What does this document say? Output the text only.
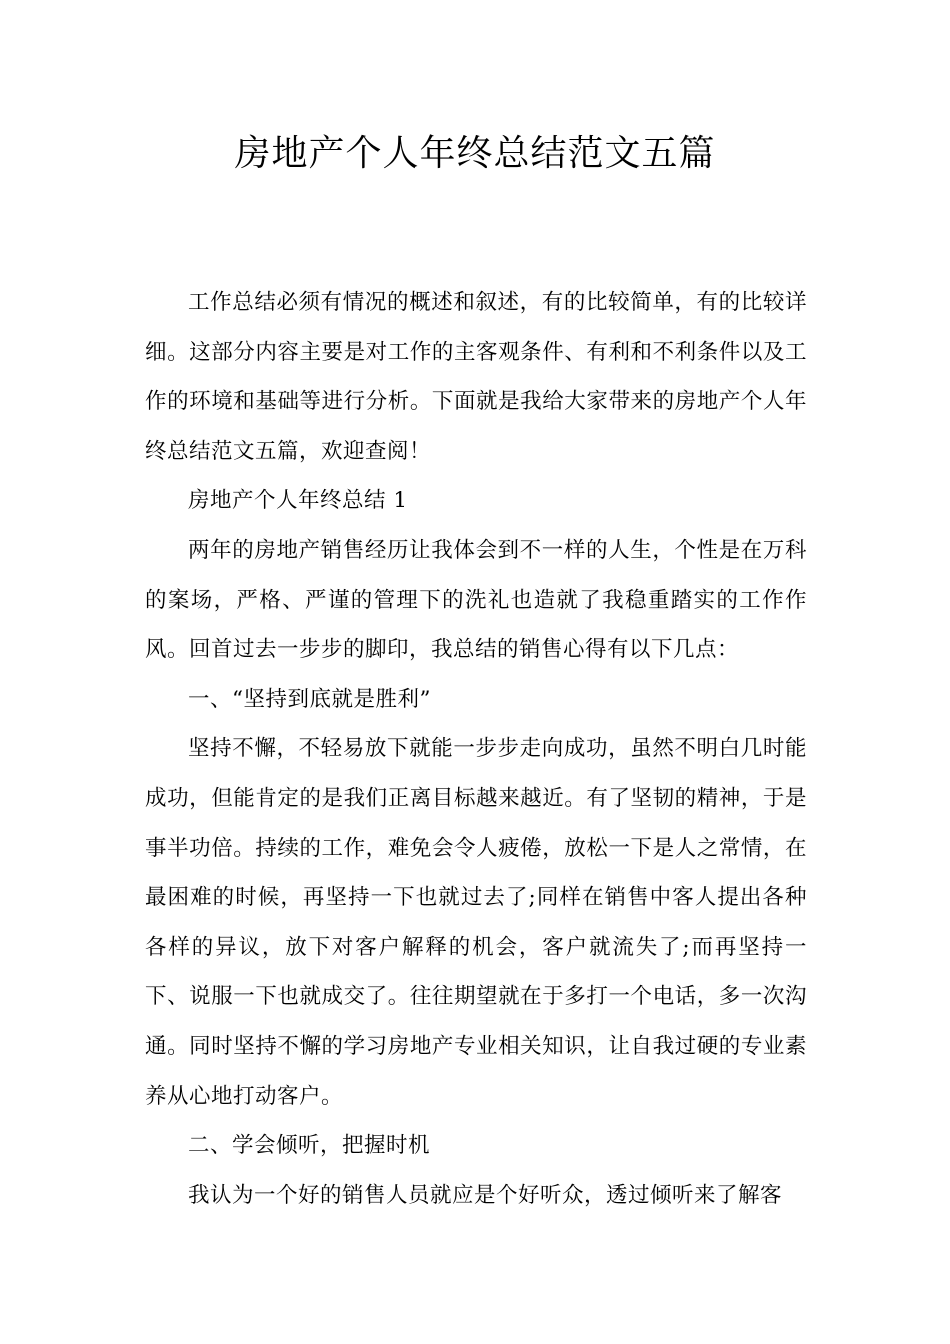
房地产个人年终总结范文五篇

工作总结必须有情况的概述和叙述，有的比较简单，有的比较详细。这部分内容主要是对工作的主客观条件、有利和不利条件以及工作的环境和基础等进行分析。下面就是我给大家带来的房地产个人年终总结范文五篇，欢迎查阅！

房地产个人年终总结 1

两年的房地产销售经历让我体会到不一样的人生，个性是在万科的案场，严格、严谨的管理下的洗礼也造就了我稳重踏实的工作作风。回首过去一步步的脚印，我总结的销售心得有以下几点：

一、“坚持到底就是胜利”

坚持不懈，不轻易放下就能一步步走向成功，虽然不明白几时能成功，但能肯定的是我们正离目标越来越近。有了坚韧的精神，于是事半功倍。持续的工作，难免会令人疲倦，放松一下是人之常情，在最困难的时候，再坚持一下也就过去了;同样在销售中客人提出各种各样的异议，放下对客户解释的机会，客户就流失了;而再坚持一下、说服一下也就成交了。往往期望就在于多打一个电话，多一次沟通。同时坚持不懈的学习房地产专业相关知识，让自我过硬的专业素养从心地打动客户。

二、学会倾听，把握时机

我认为一个好的销售人员就应是个好听众，透过倾听来了解客
